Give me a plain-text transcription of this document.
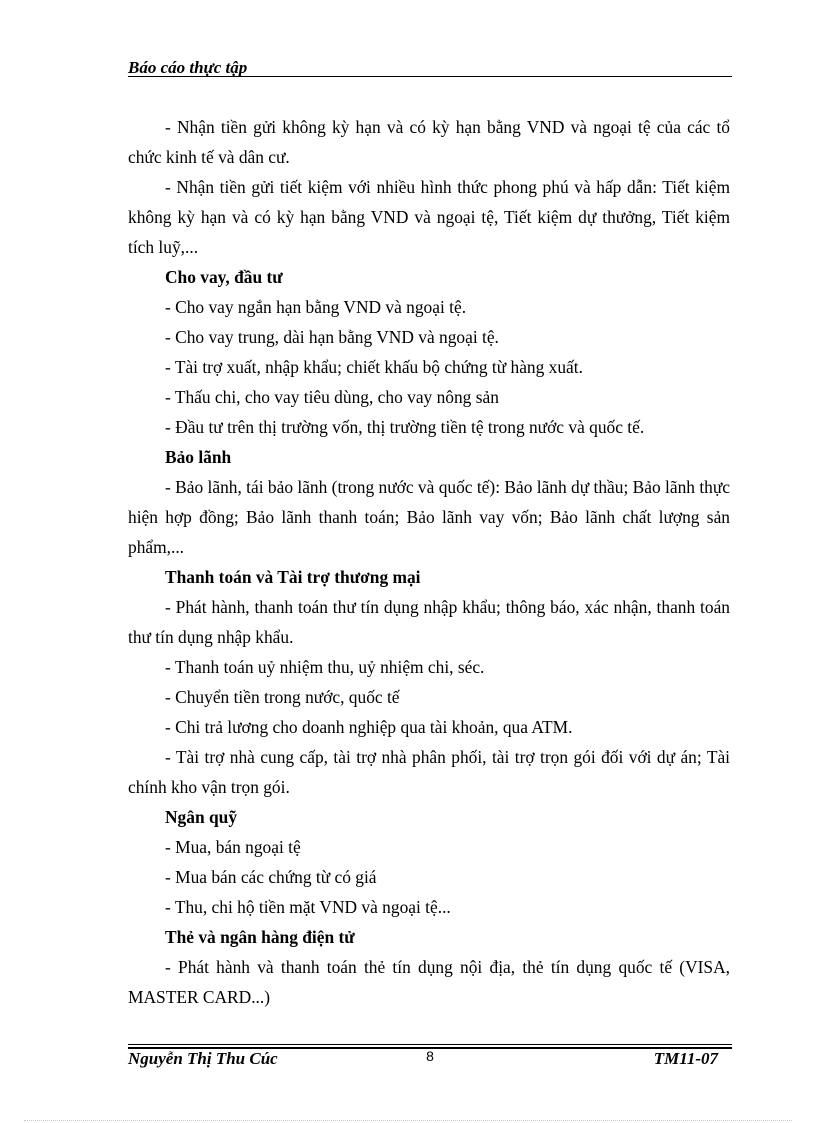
Báo cáo thực tập

- Nhận tiền gửi không kỳ hạn và có kỳ hạn bằng VND và ngoại tệ của các tổ chức kinh tế và dân cư.

- Nhận tiền gửi tiết kiệm với nhiều hình thức phong phú và hấp dẫn: Tiết kiệm không kỳ hạn và có kỳ hạn bằng VND và ngoại tệ, Tiết kiệm dự thưởng, Tiết kiệm tích luỹ,...

Cho vay, đầu tư

- Cho vay ngắn hạn bằng VND và ngoại tệ.

- Cho vay trung, dài hạn bằng VND và ngoại tệ.

- Tài trợ xuất, nhập khẩu; chiết khấu bộ chứng từ hàng xuất.

- Thấu chi, cho vay tiêu dùng, cho vay nông sản

- Đầu tư trên thị trường vốn, thị trường tiền tệ trong nước và quốc tế.

Bảo lãnh

- Bảo lãnh, tái bảo lãnh (trong nước và quốc tế): Bảo lãnh dự thầu; Bảo lãnh thực hiện hợp đồng; Bảo lãnh thanh toán; Bảo lãnh vay vốn; Bảo lãnh chất lượng sản phẩm,...

Thanh toán và Tài trợ thương mại

- Phát hành, thanh toán thư tín dụng nhập khẩu; thông báo, xác nhận, thanh toán thư tín dụng nhập khẩu.

- Thanh toán uỷ nhiệm thu, uỷ nhiệm chi, séc.

- Chuyển tiền trong nước, quốc tế

- Chi trả lương cho doanh nghiệp qua tài khoản, qua ATM.

- Tài trợ nhà cung cấp, tài trợ nhà phân phối, tài trợ trọn gói đối với dự án; Tài chính kho vận trọn gói.

Ngân quỹ

- Mua, bán ngoại tệ

- Mua bán các chứng từ có giá

- Thu, chi hộ tiền mặt VND và ngoại tệ...

Thẻ và ngân hàng điện tử

- Phát hành và thanh toán thẻ tín dụng nội địa, thẻ tín dụng quốc tế (VISA, MASTER CARD...)

Nguyễn Thị Thu Cúc	8	TM11-07
